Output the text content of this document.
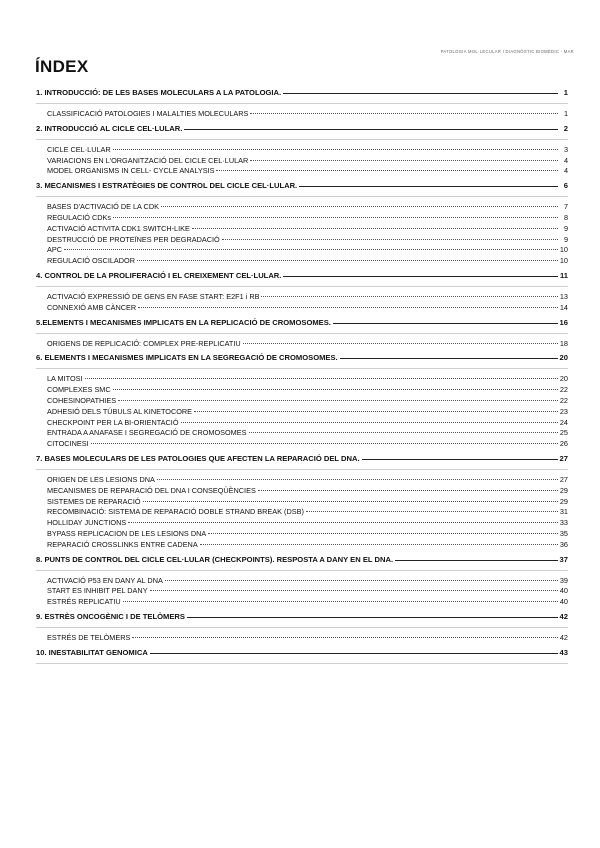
PATOLOGIA MOL·LECULAR I DIAGNÒSTIC BIOMÈDIC - MAR
ÍNDEX
1. INTRODUCCIÓ: DE LES BASES MOLECULARS A LA PATOLOGIA.	1
CLASSIFICACIÓ PATOLOGIES I MALALTIES MOLECULARS	1
2. INTRODUCCIÓ AL CICLE CEL·LULAR.	2
CICLE CEL·LULAR	3
VARIACIONS EN L'ORGANITZACIÓ DEL CICLE CEL·LULAR	4
MODEL ORGANISMS IN CELL- CYCLE ANALYSIS	4
3. MECANISMES I ESTRATÈGIES DE CONTROL DEL CICLE CEL·LULAR.	6
BASES D'ACTIVACIÓ DE LA CDK	7
REGULACIÓ CDKs	8
ACTIVACIÓ ACTIVITA CDK1 SWITCH-LIKE	9
DESTRUCCIÓ DE PROTEÏNES PER DEGRADACIÓ	9
APC	10
REGULACIÓ OSCILADOR	10
4. CONTROL DE LA PROLIFERACIÓ I EL CREIXEMENT CEL·LULAR.	11
ACTIVACIÓ EXPRESSIÓ DE GENS EN FASE START: E2F1 i RB	13
CONNEXIÓ AMB CÀNCER	14
5.ELEMENTS I MECANISMES IMPLICATS EN LA REPLICACIÓ DE CROMOSOMES.	16
ORIGENS DE REPLICACIÓ: COMPLEX PRE-REPLICATIU	18
6. ELEMENTS I MECANISMES IMPLICATS EN LA SEGREGACIÓ DE CROMOSOMES.	20
LA MITOSI	20
COMPLEXES SMC	22
COHESINOPATHIES	22
ADHESIÓ DELS TÚBULS AL KINETOCORE	23
CHECKPOINT PER LA BI-ORIENTACIÓ	24
ENTRADA A ANAFASE I SEGREGACIÓ DE CROMOSOMES	25
CITOCINESI	26
7. BASES MOLECULARS DE LES PATOLOGIES QUE AFECTEN LA REPARACIÓ DEL DNA.	27
ORIGEN DE LES LESIONS DNA	27
MECANISMES DE REPARACIÓ DEL DNA I CONSEQÜÈNCIES	29
SISTEMES DE REPARACIÓ	29
RECOMBINACIÓ: SISTEMA DE REPARACIÓ DOBLE STRAND BREAK (DSB)	31
HOLLIDAY JUNCTIONS	33
BYPASS REPLICACION DE LES LESIONS DNA	35
REPARACIÓ CROSSLINKS ENTRE CADENA	36
8. PUNTS DE CONTROL DEL CICLE CEL·LULAR (CHECKPOINTS). RESPOSTA A DANY EN EL DNA.	37
ACTIVACIÓ P53 EN DANY AL DNA	39
START ES INHIBIT PEL DANY	40
ESTRÉS REPLICATIU	40
9. ESTRÈS ONCOGÈNIC I DE TELÒMERS	42
ESTRÉS DE TELÒMERS	42
10. INESTABILITAT GENOMICA	43
